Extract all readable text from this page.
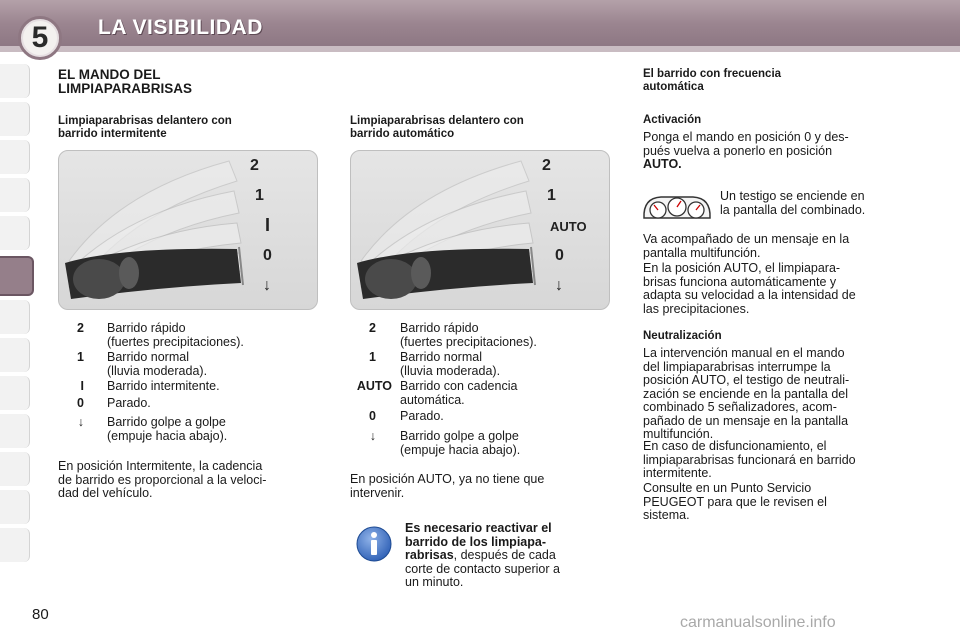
5	LA VISIBILIDAD
EL MANDO DEL
LIMPIAPARABRISAS
Limpiaparabrisas delantero con
barrido intermitente
2
1
I
0
↓
2 Barrido rápido
(fuertes precipitaciones).
1 Barrido normal
(lluvia moderada).
I Barrido intermitente.
0 Parado.
↓ Barrido golpe a golpe
(empuje hacia abajo).
En posición Intermitente, la cadencia
de barrido es proporcional a la veloci-
dad del vehículo.
Limpiaparabrisas delantero con
barrido automático
2
1
AUTO
0
↓
2 Barrido rápido
(fuertes precipitaciones).
1 Barrido normal
(lluvia moderada).
AUTO Barrido con cadencia
automática.
0 Parado.
↓ Barrido golpe a golpe
(empuje hacia abajo).
En posición AUTO, ya no tiene que
intervenir.
Es necesario reactivar el
barrido de los limpiapa-
rabrisas, después de cada
corte de contacto superior a
un minuto.
El barrido con frecuencia
automática
Activación
Ponga el mando en posición 0 y des-
pués vuelva a ponerlo en posición
AUTO.
Un testigo se enciende en
la pantalla del combinado.
Va acompañado de un mensaje en la
pantalla multifunción.
En la posición AUTO, el limpiapara-
brisas funciona automáticamente y
adapta su velocidad a la intensidad de
las precipitaciones.
Neutralización
La intervención manual en el mando
del limpiaparabrisas interrumpe la
posición AUTO, el testigo de neutrali-
zación se enciende en la pantalla del
combinado 5 señalizadores, acom-
pañado de un mensaje en la pantalla
multifunción.
En caso de disfuncionamiento, el
limpiaparabrisas funcionará en barrido
intermitente.
Consulte en un Punto Servicio
PEUGEOT para que le revisen el
sistema.
80	carmanualsonline.info
